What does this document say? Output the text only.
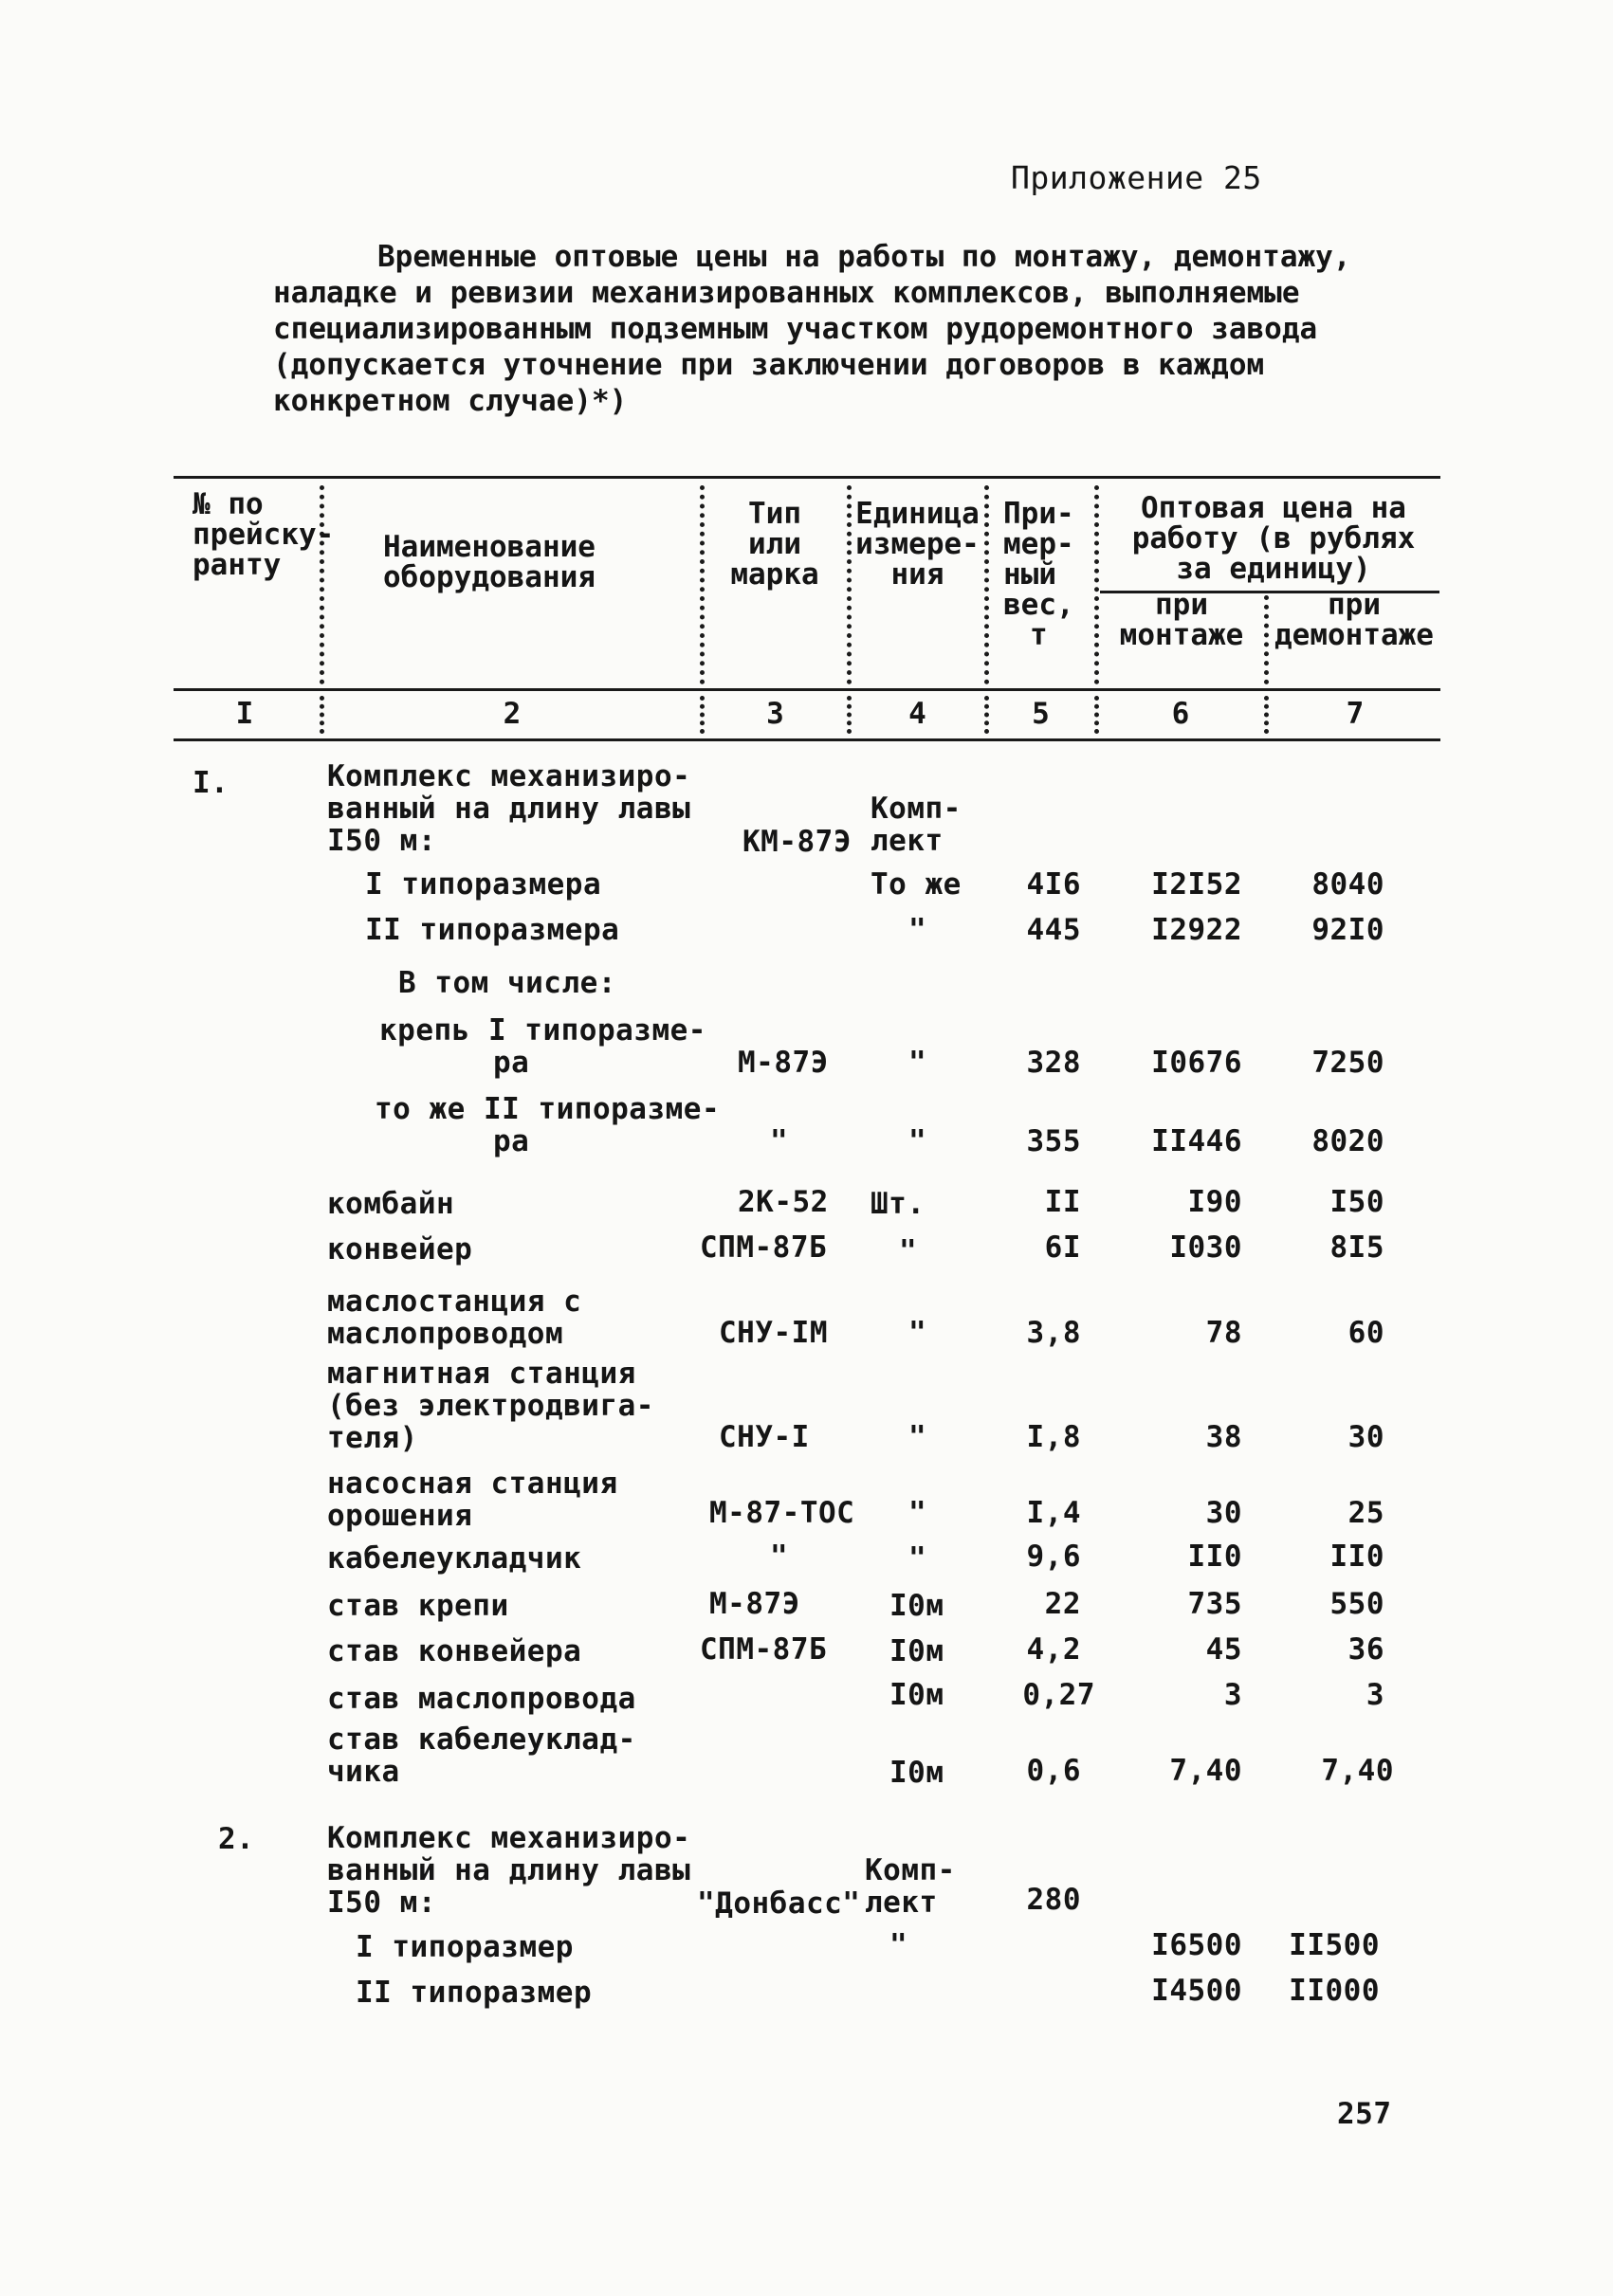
Приложение 25
Временные оптовые цены на работы по монтажу, демонтажу,
наладке и ревизии механизированных комплексов, выполняемые
специализированным подземным участком рудоремонтного завода
(допускается уточнение при заключении договоров в каждом
конкретном случае)*)
№ по
прейску-
ранту
Наименование
оборудования
Тип
или
марка
Единица
измере-
ния
При-
мер-
ный
вес,
т
Оптовая цена на
работу (в рублях
за единицу)
при
монтаже
при
демонтаже
I	2	3	4	5	6	7
I.	Комплекс механизиро-
ванный на длину лавы
I50 м:	КМ-87Э
Комп-
лект
I типоразмера	То же	4I6	I2I52	8040
II типоразмера	"	445	I2922	92I0
В том числе:
крепь I типоразме-
ра	М-87Э	"	328	I0676	7250
то же II типоразме-
ра	"	"	355	II446	8020
комбайн	2К-52 Шт.	II	I90	I50
конвейер	СПМ-87Б "	6I	I030	8I5
маслостанция с
маслопроводом	СНУ-IМ	"	3,8	78	60
магнитная станция
(без электродвига-
теля)	СНУ-I	"	I,8	38	30
насосная станция
орошения	М-87-ТОС "	I,4	30	25
кабелеукладчик	"	"	9,6	II0	II0
став крепи	М-87Э	I0м	22	735	550
став конвейера	СПМ-87Б I0м	4,2	45	36
став маслопровода	I0м	0,27	3	3
став кабелеуклад-
чика	I0м	0,6	7,40	7,40
2. Комплекс механизиро-
ванный на длину лавы
I50 м:	"Донбасс"
Комп-
лект	280
I типоразмер	"	I6500	II500
II типоразмер	I4500	II000
257
